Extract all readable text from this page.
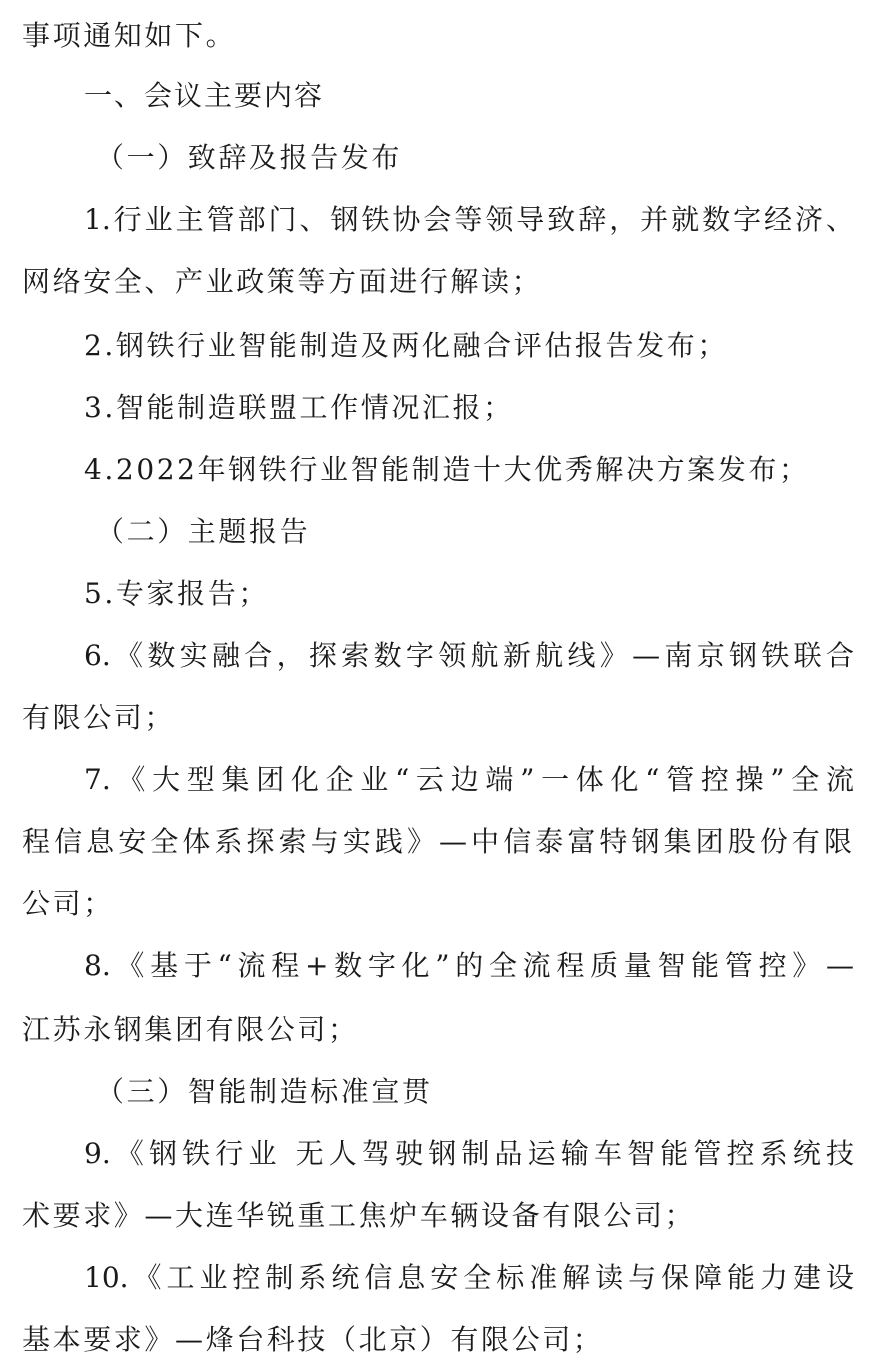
事项通知如下。
一、会议主要内容
（一）致辞及报告发布
1.行业主管部门、钢铁协会等领导致辞，并就数字经济、
网络安全、产业政策等方面进行解读；
2.钢铁行业智能制造及两化融合评估报告发布；
3.智能制造联盟工作情况汇报；
4.2022年钢铁行业智能制造十大优秀解决方案发布；
（二）主题报告
5.专家报告；
6.《数实融合，探索数字领航新航线》—南京钢铁联合
有限公司；
7.《大型集团化企业“云边端”一体化“管控操”全流
程信息安全体系探索与实践》—中信泰富特钢集团股份有限
公司；
8.《基于“流程+数字化”的全流程质量智能管控》—
江苏永钢集团有限公司；
（三）智能制造标准宣贯
9.《钢铁行业 无人驾驶钢制品运输车智能管控系统技
术要求》—大连华锐重工焦炉车辆设备有限公司；
10.《工业控制系统信息安全标准解读与保障能力建设
基本要求》—烽台科技（北京）有限公司；
